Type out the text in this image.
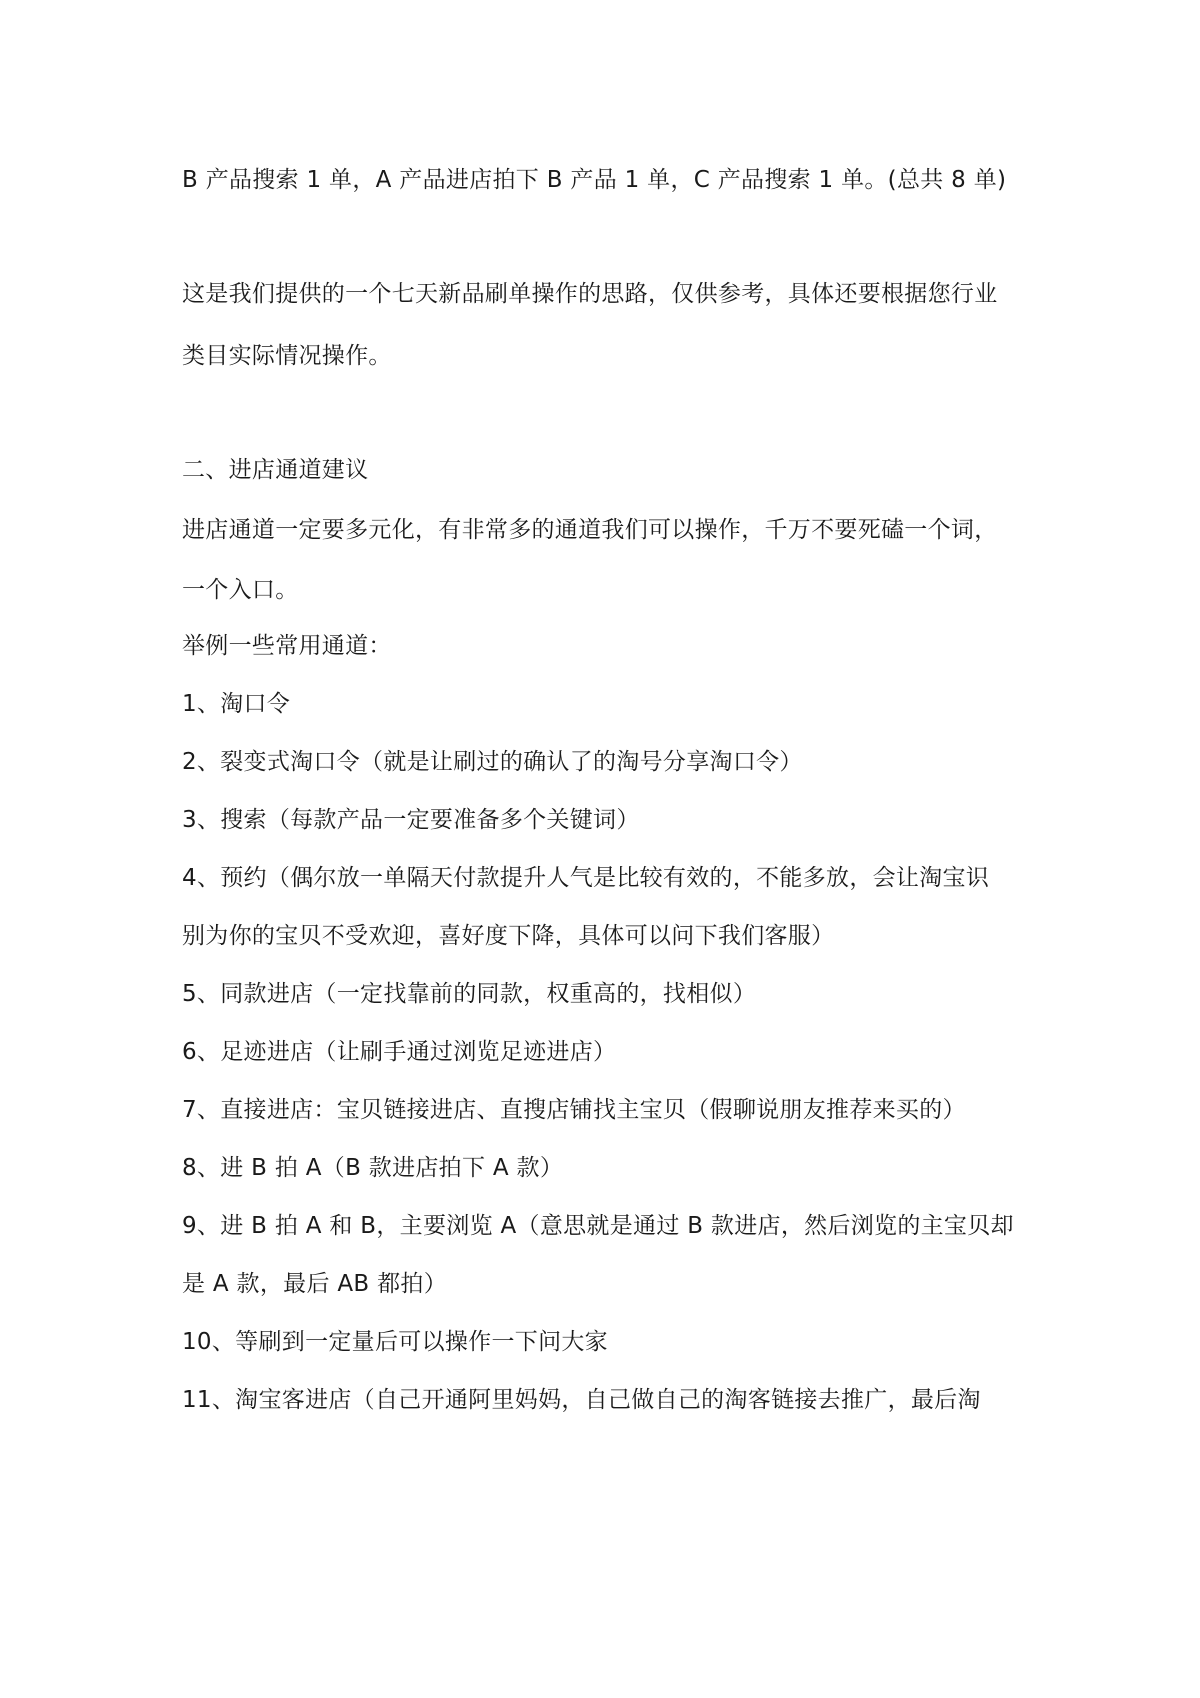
B 产品搜索 1 单，A 产品进店拍下 B 产品 1 单，C 产品搜索 1 单。(总共 8 单)
这是我们提供的一个七天新品刷单操作的思路，仅供参考，具体还要根据您行业
类目实际情况操作。
二、进店通道建议
进店通道一定要多元化，有非常多的通道我们可以操作，千万不要死磕一个词，
一个入口。
举例一些常用通道：
1、淘口令
2、裂变式淘口令（就是让刷过的确认了的淘号分享淘口令）
3、搜索（每款产品一定要准备多个关键词）
4、预约（偶尔放一单隔天付款提升人气是比较有效的，不能多放，会让淘宝识
别为你的宝贝不受欢迎，喜好度下降，具体可以问下我们客服）
5、同款进店（一定找靠前的同款，权重高的，找相似）
6、足迹进店（让刷手通过浏览足迹进店）
7、直接进店：宝贝链接进店、直搜店铺找主宝贝（假聊说朋友推荐来买的）
8、进 B 拍 A（B 款进店拍下 A 款）
9、进 B 拍 A 和 B，主要浏览 A（意思就是通过 B 款进店，然后浏览的主宝贝却
是 A 款，最后 AB 都拍）
10、等刷到一定量后可以操作一下问大家
11、淘宝客进店（自己开通阿里妈妈，自己做自己的淘客链接去推广，最后淘
